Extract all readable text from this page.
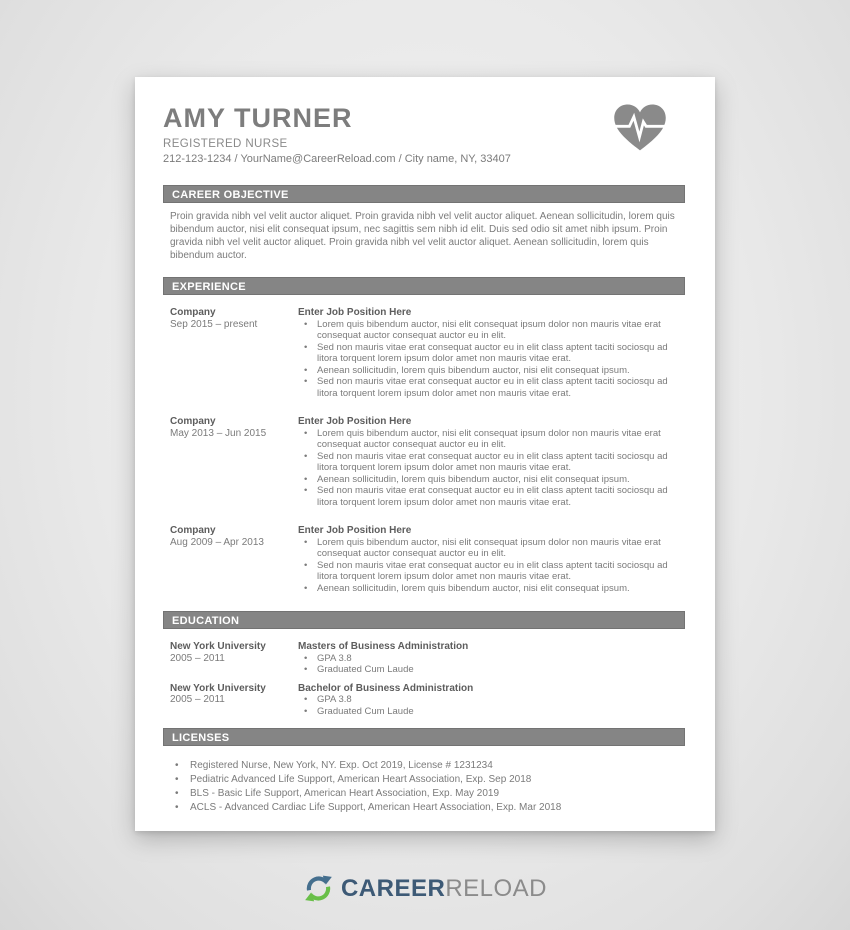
AMY TURNER
REGISTERED NURSE
212-123-1234 / YourName@CareerReload.com / City name, NY, 33407
CAREER OBJECTIVE

Proin gravida nibh vel velit auctor aliquet. Proin gravida nibh vel velit auctor aliquet. Aenean sollicitudin, lorem quis bibendum auctor, nisi elit consequat ipsum, nec sagittis sem nibh id elit. Duis sed odio sit amet nibh ipsum. Proin gravida nibh vel velit auctor aliquet. Proin gravida nibh vel velit auctor aliquet. Aenean sollicitudin, lorem quis bibendum auctor.

EXPERIENCE
Company
Sep 2015 – present
Enter Job Position Here
• Lorem quis bibendum auctor, nisi elit consequat ipsum dolor non mauris vitae erat consequat auctor consequat auctor eu in elit.
• Sed non mauris vitae erat consequat auctor eu in elit class aptent taciti sociosqu ad litora torquent lorem ipsum dolor amet non mauris vitae erat.
• Aenean sollicitudin, lorem quis bibendum auctor, nisi elit consequat ipsum.
• Sed non mauris vitae erat consequat auctor eu in elit class aptent taciti sociosqu ad litora torquent lorem ipsum dolor amet non mauris vitae erat.
Company
May 2013 – Jun 2015
Enter Job Position Here
• Lorem quis bibendum auctor, nisi elit consequat ipsum dolor non mauris vitae erat consequat auctor consequat auctor eu in elit.
• Sed non mauris vitae erat consequat auctor eu in elit class aptent taciti sociosqu ad litora torquent lorem ipsum dolor amet non mauris vitae erat.
• Aenean sollicitudin, lorem quis bibendum auctor, nisi elit consequat ipsum.
• Sed non mauris vitae erat consequat auctor eu in elit class aptent taciti sociosqu ad litora torquent lorem ipsum dolor amet non mauris vitae erat.
Company
Aug 2009 – Apr 2013
Enter Job Position Here
• Lorem quis bibendum auctor, nisi elit consequat ipsum dolor non mauris vitae erat consequat auctor consequat auctor eu in elit.
• Sed non mauris vitae erat consequat auctor eu in elit class aptent taciti sociosqu ad litora torquent lorem ipsum dolor amet non mauris vitae erat.
• Aenean sollicitudin, lorem quis bibendum auctor, nisi elit consequat ipsum.
EDUCATION
New York University
2005 – 2011
Masters of Business Administration
• GPA 3.8
• Graduated Cum Laude
New York University
2005 – 2011
Bachelor of Business Administration
• GPA 3.8
• Graduated Cum Laude
LICENSES
• Registered Nurse, New York, NY. Exp. Oct 2019, License # 1231234
• Pediatric Advanced Life Support, American Heart Association, Exp. Sep 2018
• BLS - Basic Life Support, American Heart Association, Exp. May 2019
• ACLS - Advanced Cardiac Life Support, American Heart Association, Exp. Mar 2018
CAREERRELOAD
